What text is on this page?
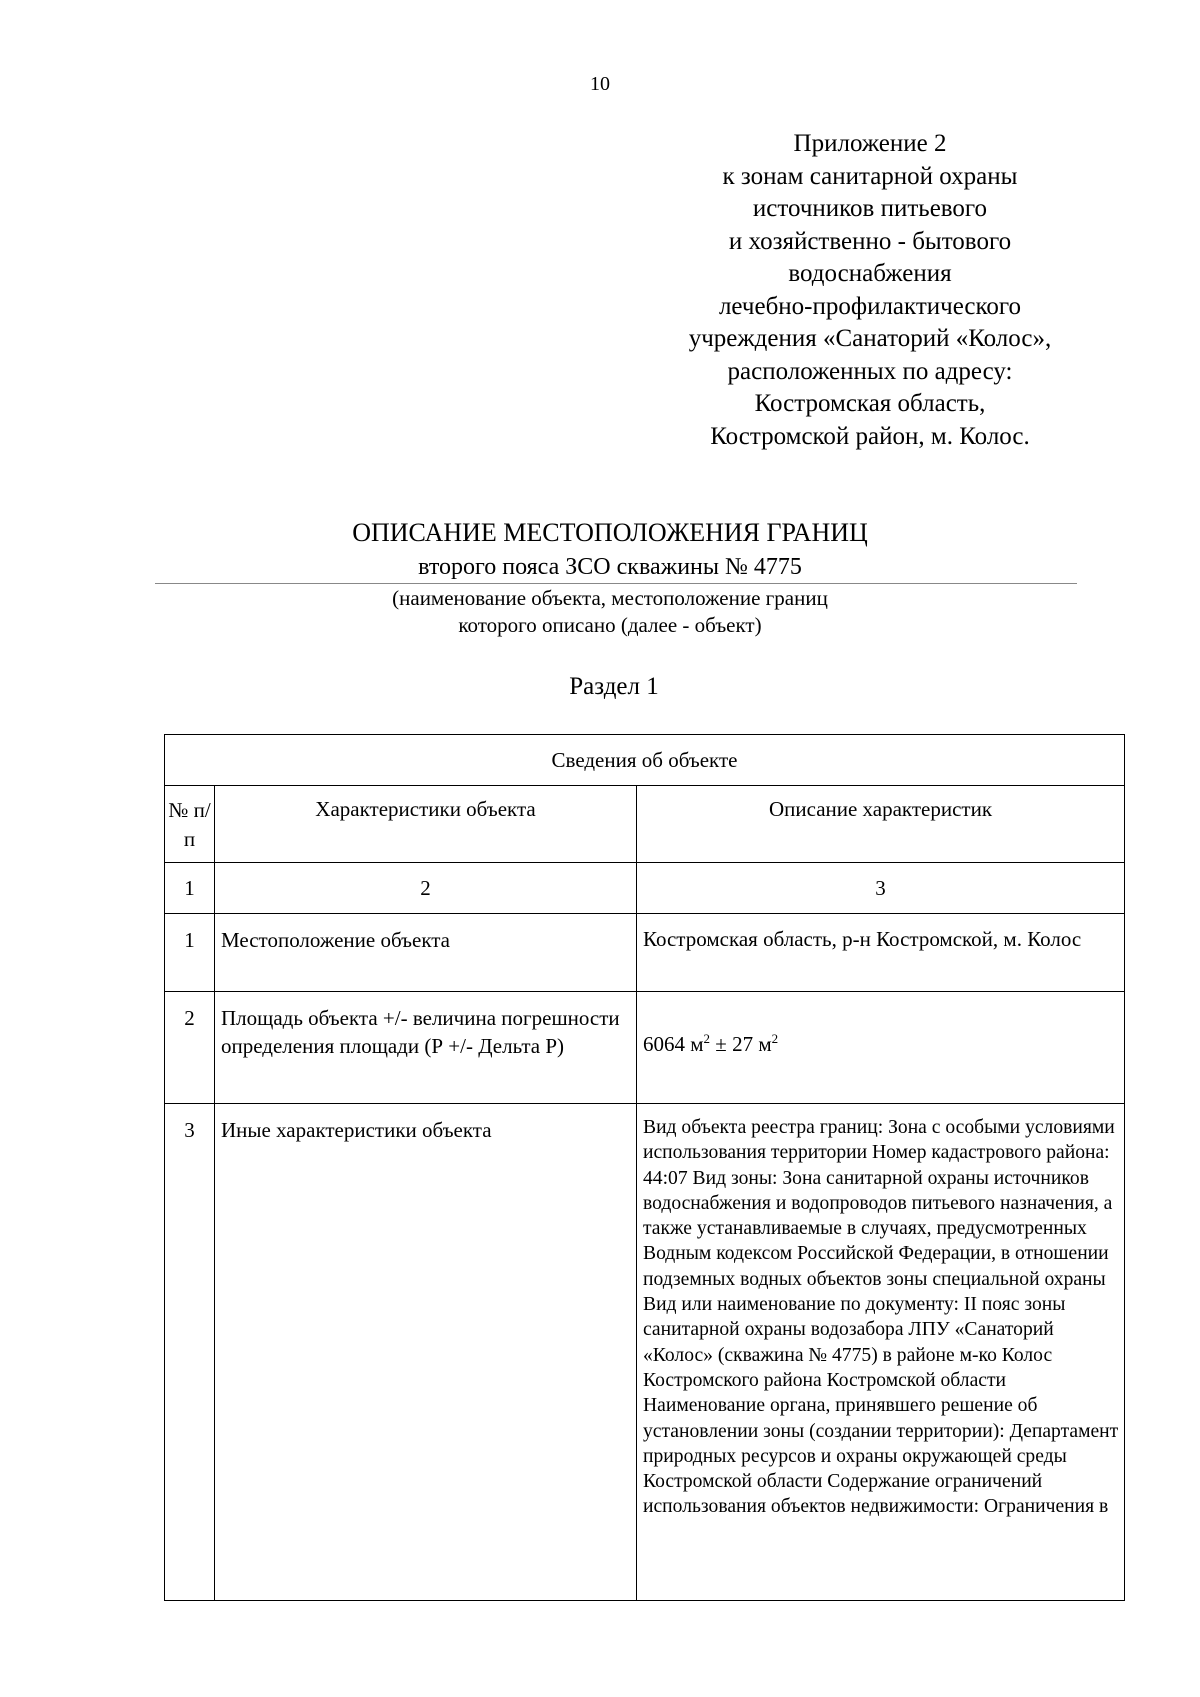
10
Приложение 2
к зонам санитарной охраны
источников питьевого
и хозяйственно - бытового
водоснабжения
лечебно-профилактического
учреждения «Санаторий «Колос»,
расположенных по адресу:
Костромская область,
Костромской район, м. Колос.
ОПИСАНИЕ МЕСТОПОЛОЖЕНИЯ ГРАНИЦ
второго пояса ЗСО скважины № 4775
(наименование объекта, местоположение границ
которого описано (далее - объект)
Раздел 1
Сведения об объекте		
№ п/п	Характеристики объекта	Описание характеристик
1	2	3

1	Местоположение объекта	Костромская область, р-н Костромской, м. Колос

2	Площадь объекта +/- величина погрешности определения площади (Р +/- Дельта Р)	6064 $м^2 \pm 27$ $м^2$

3	Иные характеристики объекта	Вид объекта реестра границ: Зона с особыми условиями использования территории Номер кадастрового района: 44:07 Вид зоны: Зона санитарной охраны источников водоснабжения и водопроводов питьевого назначения, а также устанавливаемые в случаях, предусмотренных Водным кодексом Российской Федерации, в отношении подземных водных объектов зоны специальной охраны Вид или наименование по документу: II пояс зоны санитарной охраны водозабора ЛПУ «Санаторий «Колос» (скважина № 4775) в районе м-ко Колос Костромского района Костромской области Наименование органа, принявшего решение об установлении зоны (создании территории): Департамент природных ресурсов и охраны окружающей среды Костромской области Содержание ограничений использования объектов недвижимости: Ограничения в
